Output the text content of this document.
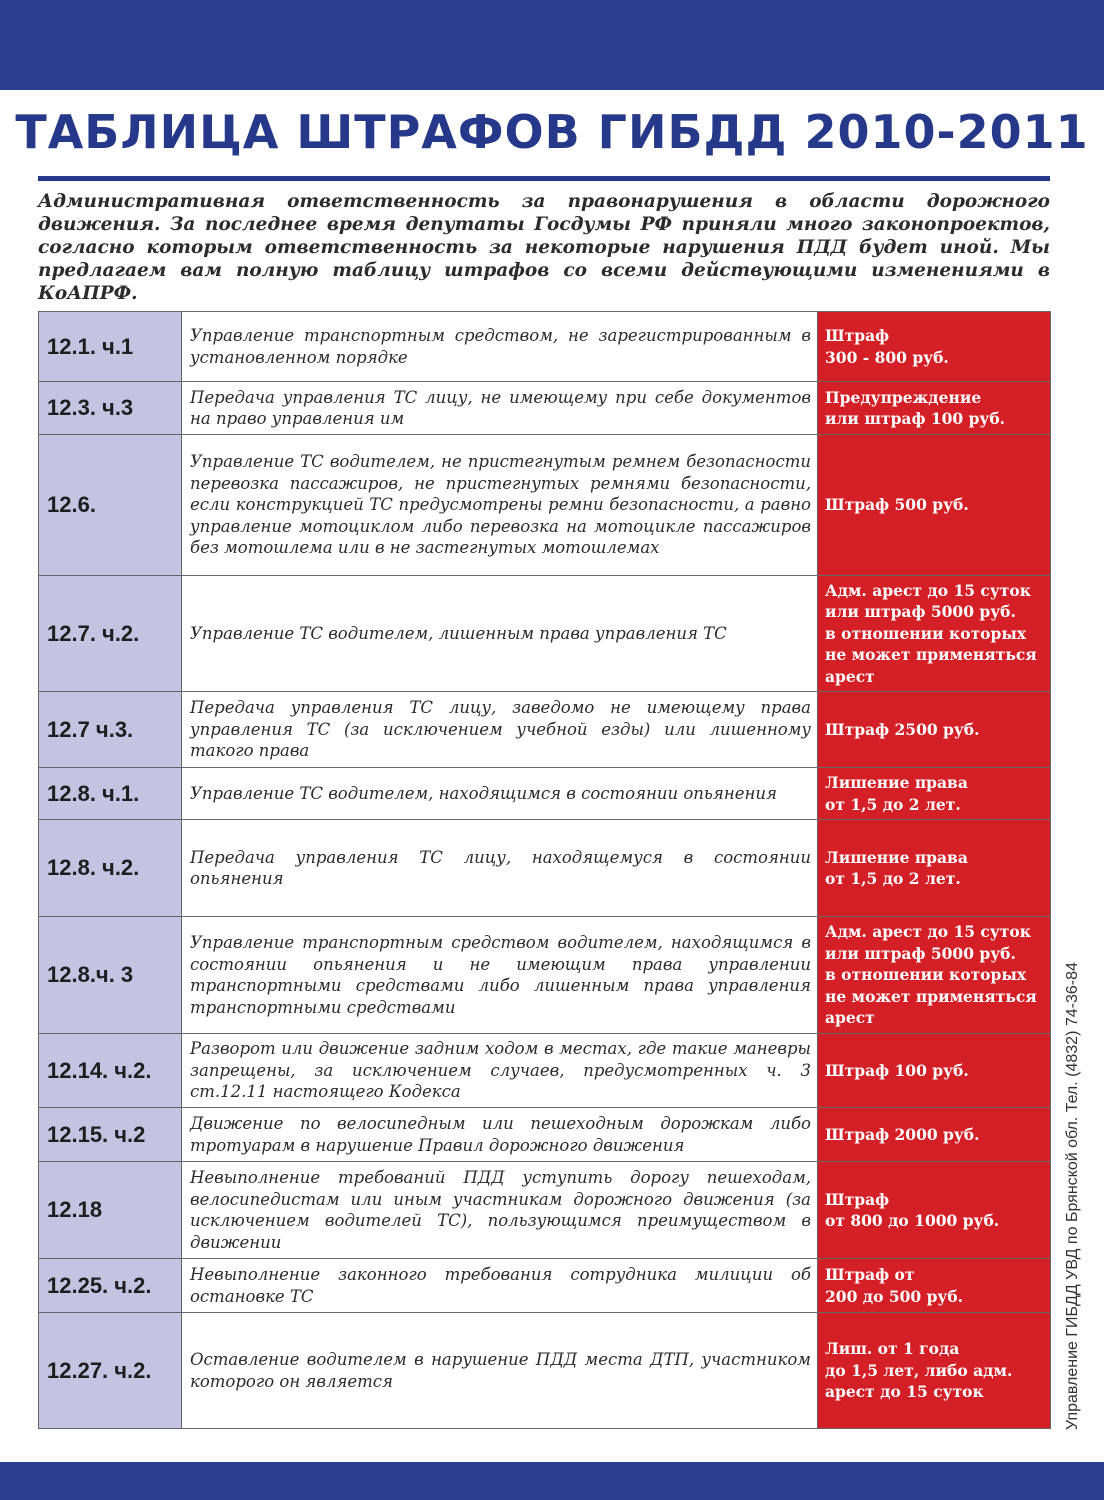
ТАБЛИЦА ШТРАФОВ ГИБДД 2010-2011
Административная ответственность за правонарушения в области дорожного движения. За последнее время депутаты Госдумы РФ приняли много законопроектов, согласно которым ответственность за некоторые нарушения ПДД будет иной. Мы предлагаем вам полную таблицу штрафов со всеми действующими изменениями в КоАПРФ.
12.1. ч.1	Управление транспортным средством, не зарегистрированным в установленном порядке	Штраф
300 - 800 руб.

12.3. ч.3	Передача управления ТС лицу, не имеющему при себе документов на право управления им	Предупреждение
или штраф 100 руб.

12.6.	Управление ТС водителем, не пристегнутым ремнем безопасности перевозка пассажиров, не пристегнутых ремнями безопасности, если конструкцией ТС предусмотрены ремни безопасности, а равно управление мотоциклом либо перевозка на мотоцикле пассажиров без мотошлема или в не застегнутых мотошлемах	Штраф 500 руб.

12.7. ч.2.	Управление ТС водителем, лишенным права управления ТС	Адм. арест до 15 суток
или штраф 5000 руб.
в отношении которых
не может применяться
арест

12.7 ч.3.	Передача управления ТС лицу, заведомо не имеющему права управления ТС (за исключением учебной езды) или лишенному такого права	Штраф 2500 руб.

12.8. ч.1.	Управление ТС водителем, находящимся в состоянии опьянения	Лишение права
от 1,5 до 2 лет.

12.8. ч.2.	Передача управления ТС лицу, находящемуся в состоянии опьянения	Лишение права
от 1,5 до 2 лет.

12.8.ч. 3	Управление транспортным средством водителем, находящимся в состоянии опьянения и не имеющим права управлении транспортными средствами либо лишенным права управления транспортными средствами	Адм. арест до 15 суток
или штраф 5000 руб.
в отношении которых
не может применяться
арест

12.14. ч.2.	Разворот или движение задним ходом в местах, где такие маневры запрещены, за исключением случаев, предусмотренных ч. 3 ст.12.11 настоящего Кодекса	Штраф 100 руб.

12.15. ч.2	Движение по велосипедным или пешеходным дорожкам либо тротуарам в нарушение Правил дорожного движения	Штраф 2000 руб.

12.18	Невыполнение требований ПДД уступить дорогу пешеходам, велосипедистам или иным участникам дорожного движения (за исключением водителей ТС), пользующимся преимуществом в движении	Штраф
от 800 до 1000 руб.

12.25. ч.2.	Невыполнение законного требования сотрудника милиции об остановке ТС	Штраф от
200 до 500 руб.

12.27. ч.2.	Оставление водителем в нарушение ПДД места ДТП, участником которого он является	Лиш. от 1 года
до 1,5 лет, либо адм.
арест до 15 суток	Управление ГИБДД УВД по Брянской обл. Тел. (4832) 74-36-84
